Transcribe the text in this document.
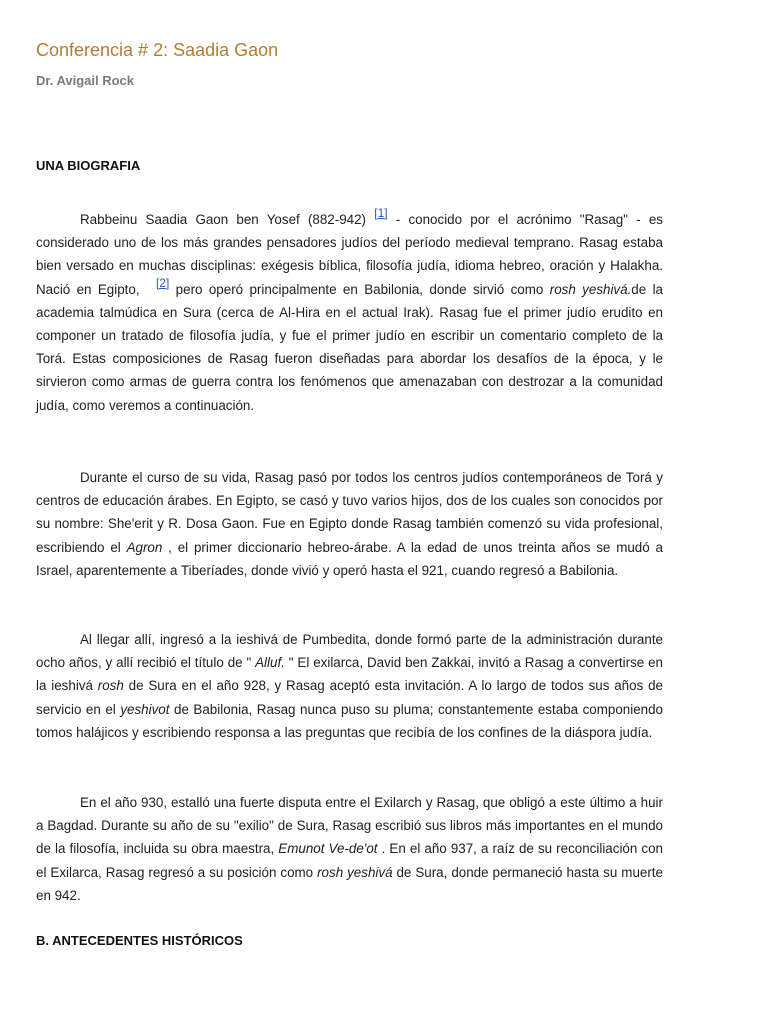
Conferencia # 2: Saadia Gaon
Dr. Avigail Rock
UNA BIOGRAFIA
Rabbeinu Saadia Gaon ben Yosef (882-942) [1] - conocido por el acrónimo "Rasag" - es considerado uno de los más grandes pensadores judíos del período medieval temprano. Rasag estaba bien versado en muchas disciplinas: exégesis bíblica, filosofía judía, idioma hebreo, oración y Halakha. Nació en Egipto, [2] pero operó principalmente en Babilonia, donde sirvió como rosh yeshivá.de la academia talmúdica en Sura (cerca de Al-Hira en el actual Irak). Rasag fue el primer judío erudito en componer un tratado de filosofía judía, y fue el primer judío en escribir un comentario completo de la Torá. Estas composiciones de Rasag fueron diseñadas para abordar los desafíos de la época, y le sirvieron como armas de guerra contra los fenómenos que amenazaban con destrozar a la comunidad judía, como veremos a continuación.
Durante el curso de su vida, Rasag pasó por todos los centros judíos contemporáneos de Torá y centros de educación árabes. En Egipto, se casó y tuvo varios hijos, dos de los cuales son conocidos por su nombre: She'erit y R. Dosa Gaon. Fue en Egipto donde Rasag también comenzó su vida profesional, escribiendo el Agron , el primer diccionario hebreo-árabe. A la edad de unos treinta años se mudó a Israel, aparentemente a Tiberíades, donde vivió y operó hasta el 921, cuando regresó a Babilonia.
Al llegar allí, ingresó a la ieshivá de Pumbedita, donde formó parte de la administración durante ocho años, y allí recibió el título de " Alluf. " El exilarca, David ben Zakkai, invitó a Rasag a convertirse en la ieshivá rosh de Sura en el año 928, y Rasag aceptó esta invitación. A lo largo de todos sus años de servicio en el yeshivot de Babilonia, Rasag nunca puso su pluma; constantemente estaba componiendo tomos halájicos y escribiendo responsa a las preguntas que recibía de los confines de la diáspora judía.
En el año 930, estalló una fuerte disputa entre el Exilarch y Rasag, que obligó a este último a huir a Bagdad. Durante su año de su "exilio" de Sura, Rasag escribió sus libros más importantes en el mundo de la filosofía, incluida su obra maestra, Emunot Ve-de'ot . En el año 937, a raíz de su reconciliación con el Exilarca, Rasag regresó a su posición como rosh yeshivá de Sura, donde permaneció hasta su muerte en 942.
B. ANTECEDENTES HISTÓRICOS
